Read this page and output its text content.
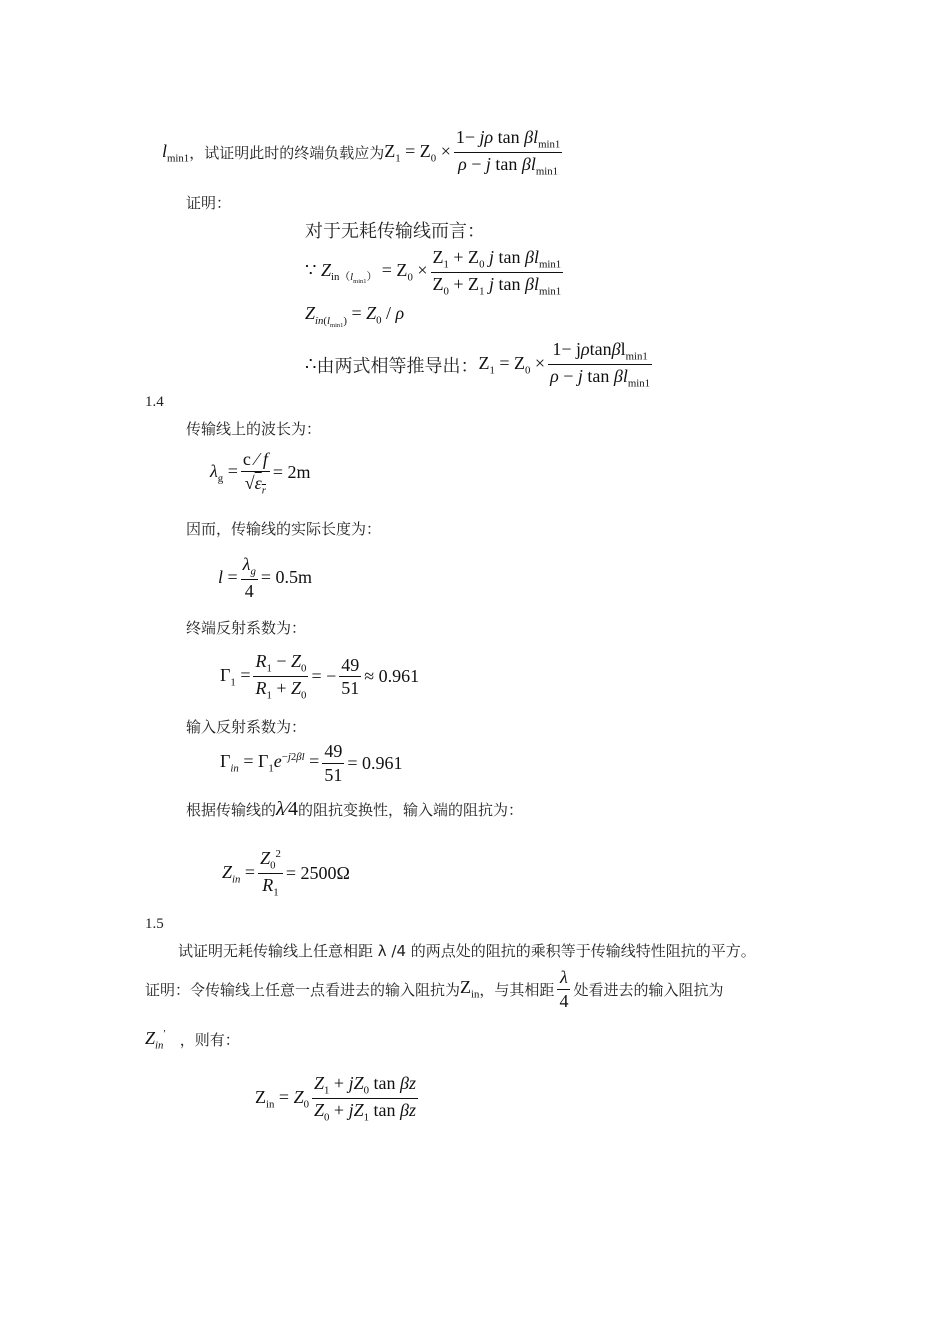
$l_{min1}$ ，试证明此时的终端负载应为 $Z_1 = Z_0 \times \frac{1- j\rho \tan \beta l_{min1}}{\rho - j \tan \beta l_{min1}}$
证明：
对于无耗传输线而言：
∵ $Z_{in(l_{min1})} = Z_0 \times \frac{Z_1 + Z_0 j \tan \beta l_{min1}}{Z_0 + Z_1 j \tan \beta l_{min1}}$
$Z_{in(l_{min1})} = Z_0 / \rho$
∴ 由两式相等推导出： $Z_1 = Z_0 \times \frac{1- j\rho\tan\beta l_{min1}}{\rho - j \tan \beta l_{min1}}$
1.4
传输线上的波长为：
$\lambda_g = \frac{c ⁄ f}{√\varepsilon_r} = 2m$
因而，传输线的实际长度为：
$l = \frac{\lambda_g}{4} = 0.5m$
终端反射系数为：
$\Gamma_1 = \frac{R_1 - Z_0}{R_1 + Z_0}$ = − $\frac{49}{51} \approx 0.961$
输入反射系数为：
$\Gamma_{in} = \Gamma_1e^{-j2\beta l} = \frac{49}{51} = 0.961$
根据传输线的 λ⁄4 的阻抗变换性，输入端的阻抗为：
$Z_{in} = \frac{Z_0^2}{R_1} = 2500\Omega$
1.5
试证明无耗传输线上任意相距 λ /4 的两点处的阻抗的乘积等于传输线特性阻抗的平方。
证明：令传输线上任意一点看进去的输入阻抗为 $Z_{in}$ ，与其相距 $\frac{\lambda}{4}$ 处看进去的输入阻抗为
$Z_{in}'$ ，则有：
$Z_{in} = Z_0 \frac{Z_1 + jZ_0 \tan \beta z}{Z_0 + jZ_1 \tan \beta z}$
